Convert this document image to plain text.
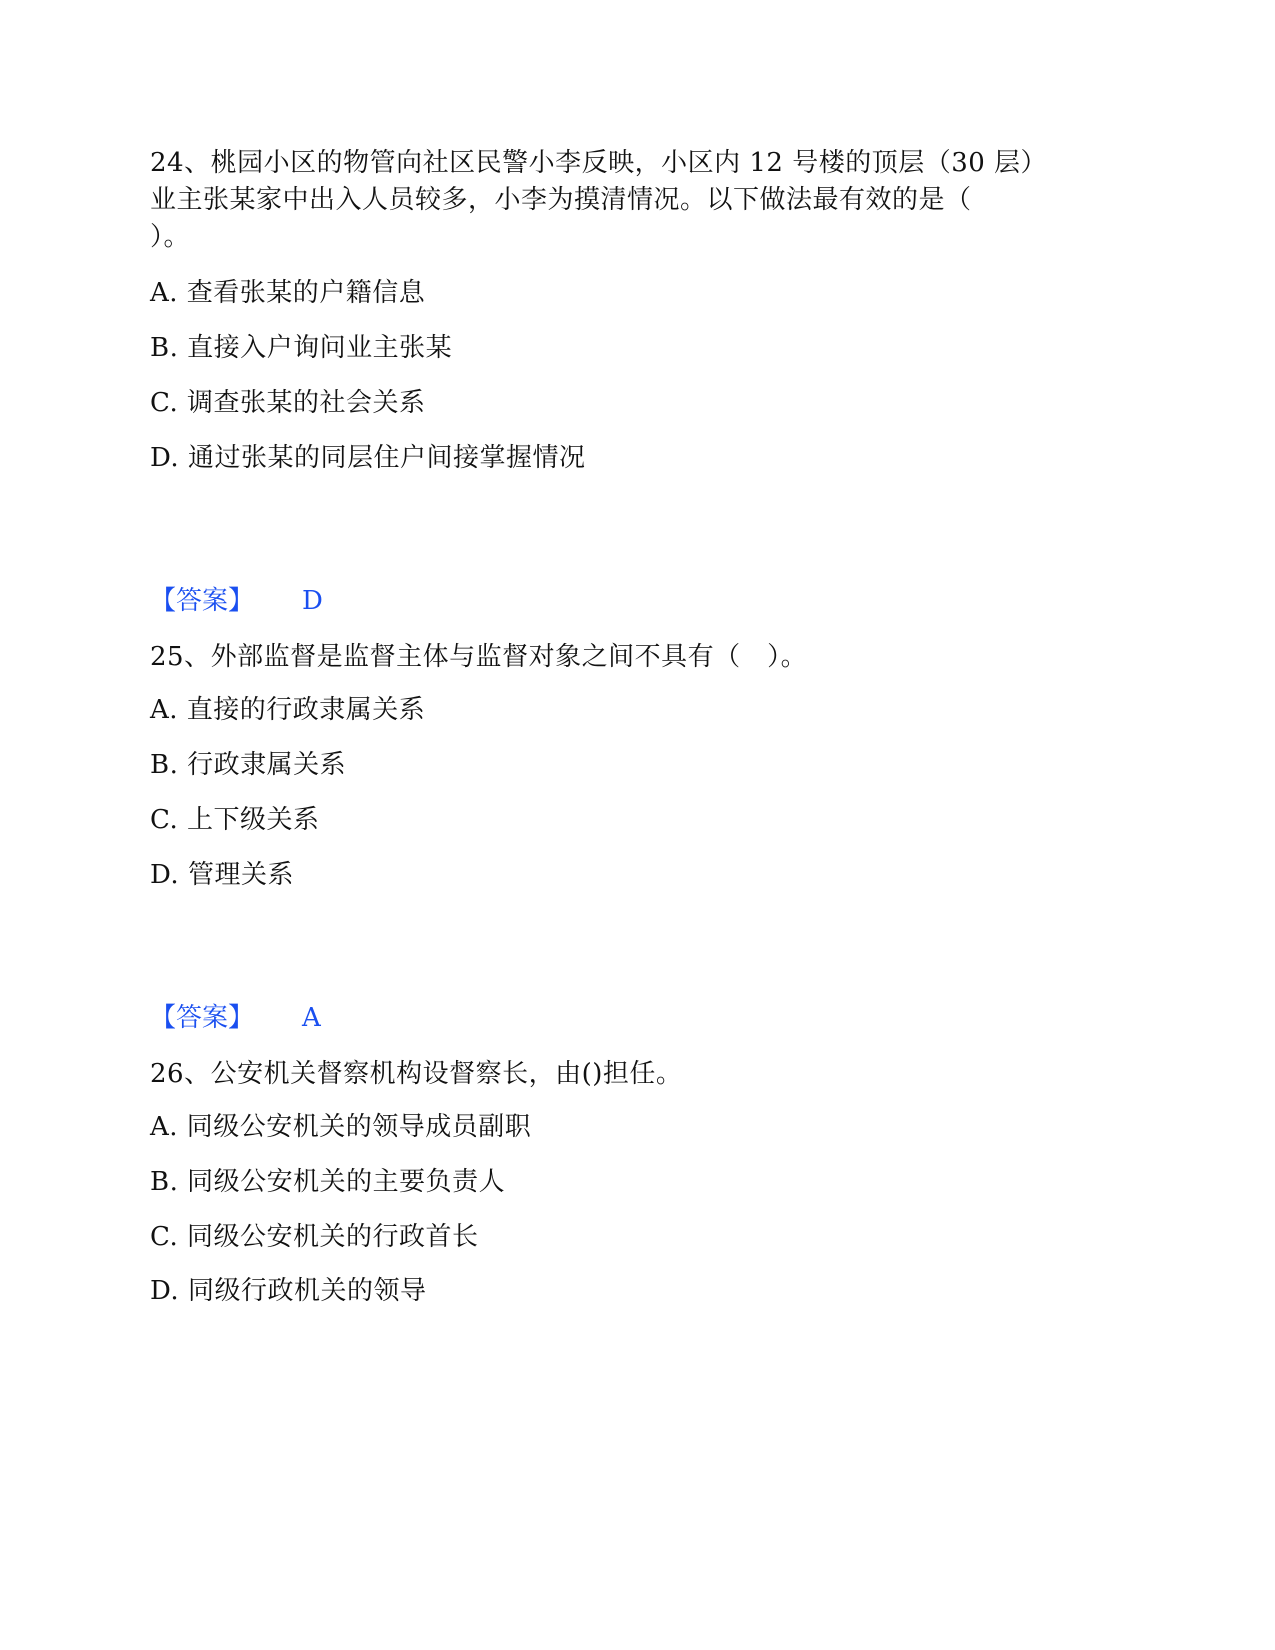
24、桃园小区的物管向社区民警小李反映，小区内 12 号楼的顶层（30 层）
业主张某家中出入人员较多，小李为摸清情况。以下做法最有效的是（
）。
A. 查看张某的户籍信息
B. 直接入户询问业主张某
C. 调查张某的社会关系
D. 通过张某的同层住户间接掌握情况
【答案】 D
25、外部监督是监督主体与监督对象之间不具有（　）。
A. 直接的行政隶属关系
B. 行政隶属关系
C. 上下级关系
D. 管理关系
【答案】 A
26、公安机关督察机构设督察长，由()担任。
A. 同级公安机关的领导成员副职
B. 同级公安机关的主要负责人
C. 同级公安机关的行政首长
D. 同级行政机关的领导
